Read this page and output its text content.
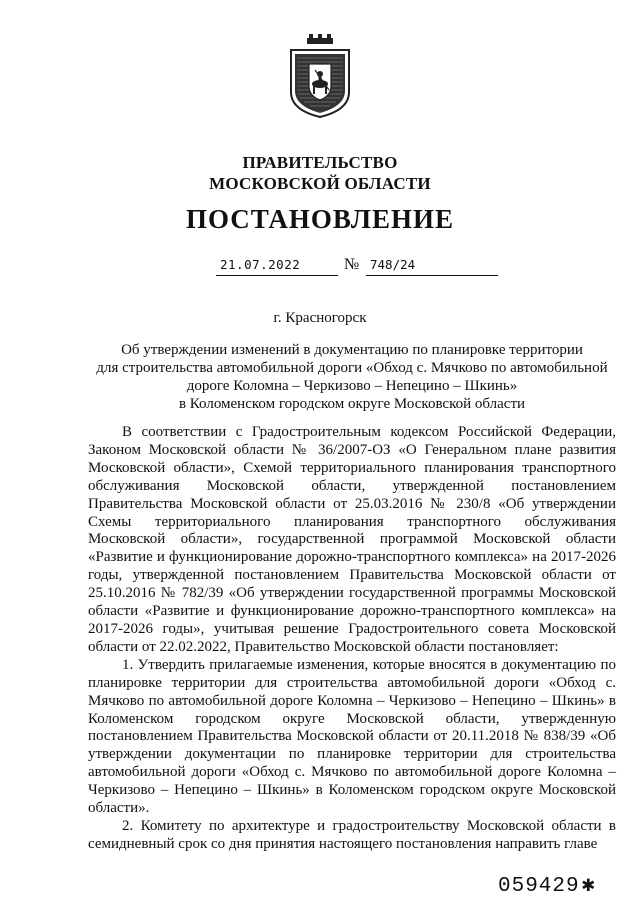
ПРАВИТЕЛЬСТВО
МОСКОВСКОЙ ОБЛАСТИ
ПОСТАНОВЛЕНИЕ
21.07.2022	№ 748/24
г. Красногорск
Об утверждении изменений в документацию по планировке территории
для строительства автомобильной дороги «Обход с. Мячково по автомобильной
дороге Коломна – Черкизово – Непецино – Шкинь»
в Коломенском городском округе Московской области

В соответствии с Градостроительным кодексом Российской Федерации, Законом Московской области № 36/2007-ОЗ «О Генеральном плане развития Московской области», Схемой территориального планирования транспортного обслуживания Московской области, утвержденной постановлением Правительства Московской области от 25.03.2016 № 230/8 «Об утверждении Схемы территориального планирования транспортного обслуживания Московской области», государственной программой Московской области «Развитие и функционирование дорожно-транспортного комплекса» на 2017-2026 годы, утвержденной постановлением Правительства Московской области от 25.10.2016 № 782/39 «Об утверждении государственной программы Московской области «Развитие и функционирование дорожно-транспортного комплекса» на 2017-2026 годы», учитывая решение Градостроительного совета Московской области от 22.02.2022, Правительство Московской области постановляет:

1. Утвердить прилагаемые изменения, которые вносятся в документацию по планировке территории для строительства автомобильной дороги «Обход с. Мячково по автомобильной дороге Коломна – Черкизово – Непецино – Шкинь» в Коломенском городском округе Московской области, утвержденную постановлением Правительства Московской области от 20.11.2018 № 838/39 «Об утверждении документации по планировке территории для строительства автомобильной дороги «Обход с. Мячково по автомобильной дороге Коломна – Черкизово – Непецино – Шкинь» в Коломенском городском округе Московской области».

2. Комитету по архитектуре и градостроительству Московской области в семидневный срок со дня принятия настоящего постановления направить главе

059429✱
